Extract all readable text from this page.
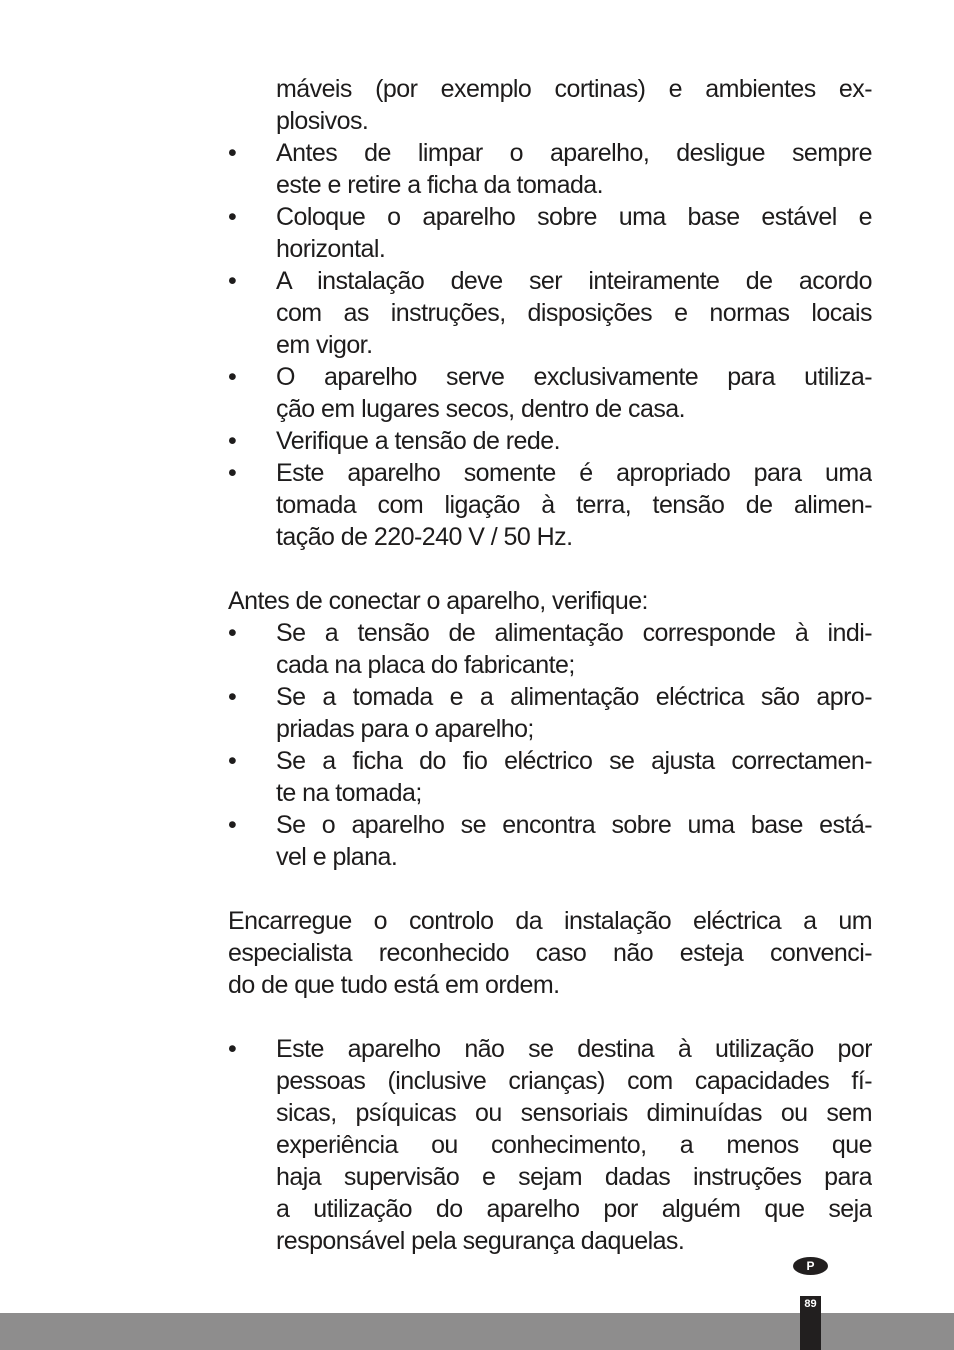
máveis (por exemplo cortinas) e ambientes ex-
plosivos.
• Antes de limpar o aparelho, desligue sempre
este e retire a ficha da tomada.
• Coloque o aparelho sobre uma base estável e
horizontal.
• A instalação deve ser inteiramente de acordo
com as instruções, disposições e normas locais
em vigor.
• O aparelho serve exclusivamente para utiliza-
ção em lugares secos, dentro de casa.
• Verifique a tensão de rede.
• Este aparelho somente é apropriado para uma
tomada com ligação à terra, tensão de alimen-
tação de 220-240 V / 50 Hz.
Antes de conectar o aparelho, verifique:
• Se a tensão de alimentação corresponde à indi-
cada na placa do fabricante;
• Se a tomada e a alimentação eléctrica são apro-
priadas para o aparelho;
• Se a ficha do fio eléctrico se ajusta correctamen-
te na tomada;
• Se o aparelho se encontra sobre uma base está-
vel e plana.
Encarregue o controlo da instalação eléctrica a um
especialista reconhecido caso não esteja convenci-
do de que tudo está em ordem.
• Este aparelho não se destina à utilização por
pessoas (inclusive crianças) com capacidades fí-
sicas, psíquicas ou sensoriais diminuídas ou sem
experiência ou conhecimento, a menos que
haja supervisão e sejam dadas instruções para
a utilização do aparelho por alguém que seja
responsável pela segurança daquelas.
P
89
